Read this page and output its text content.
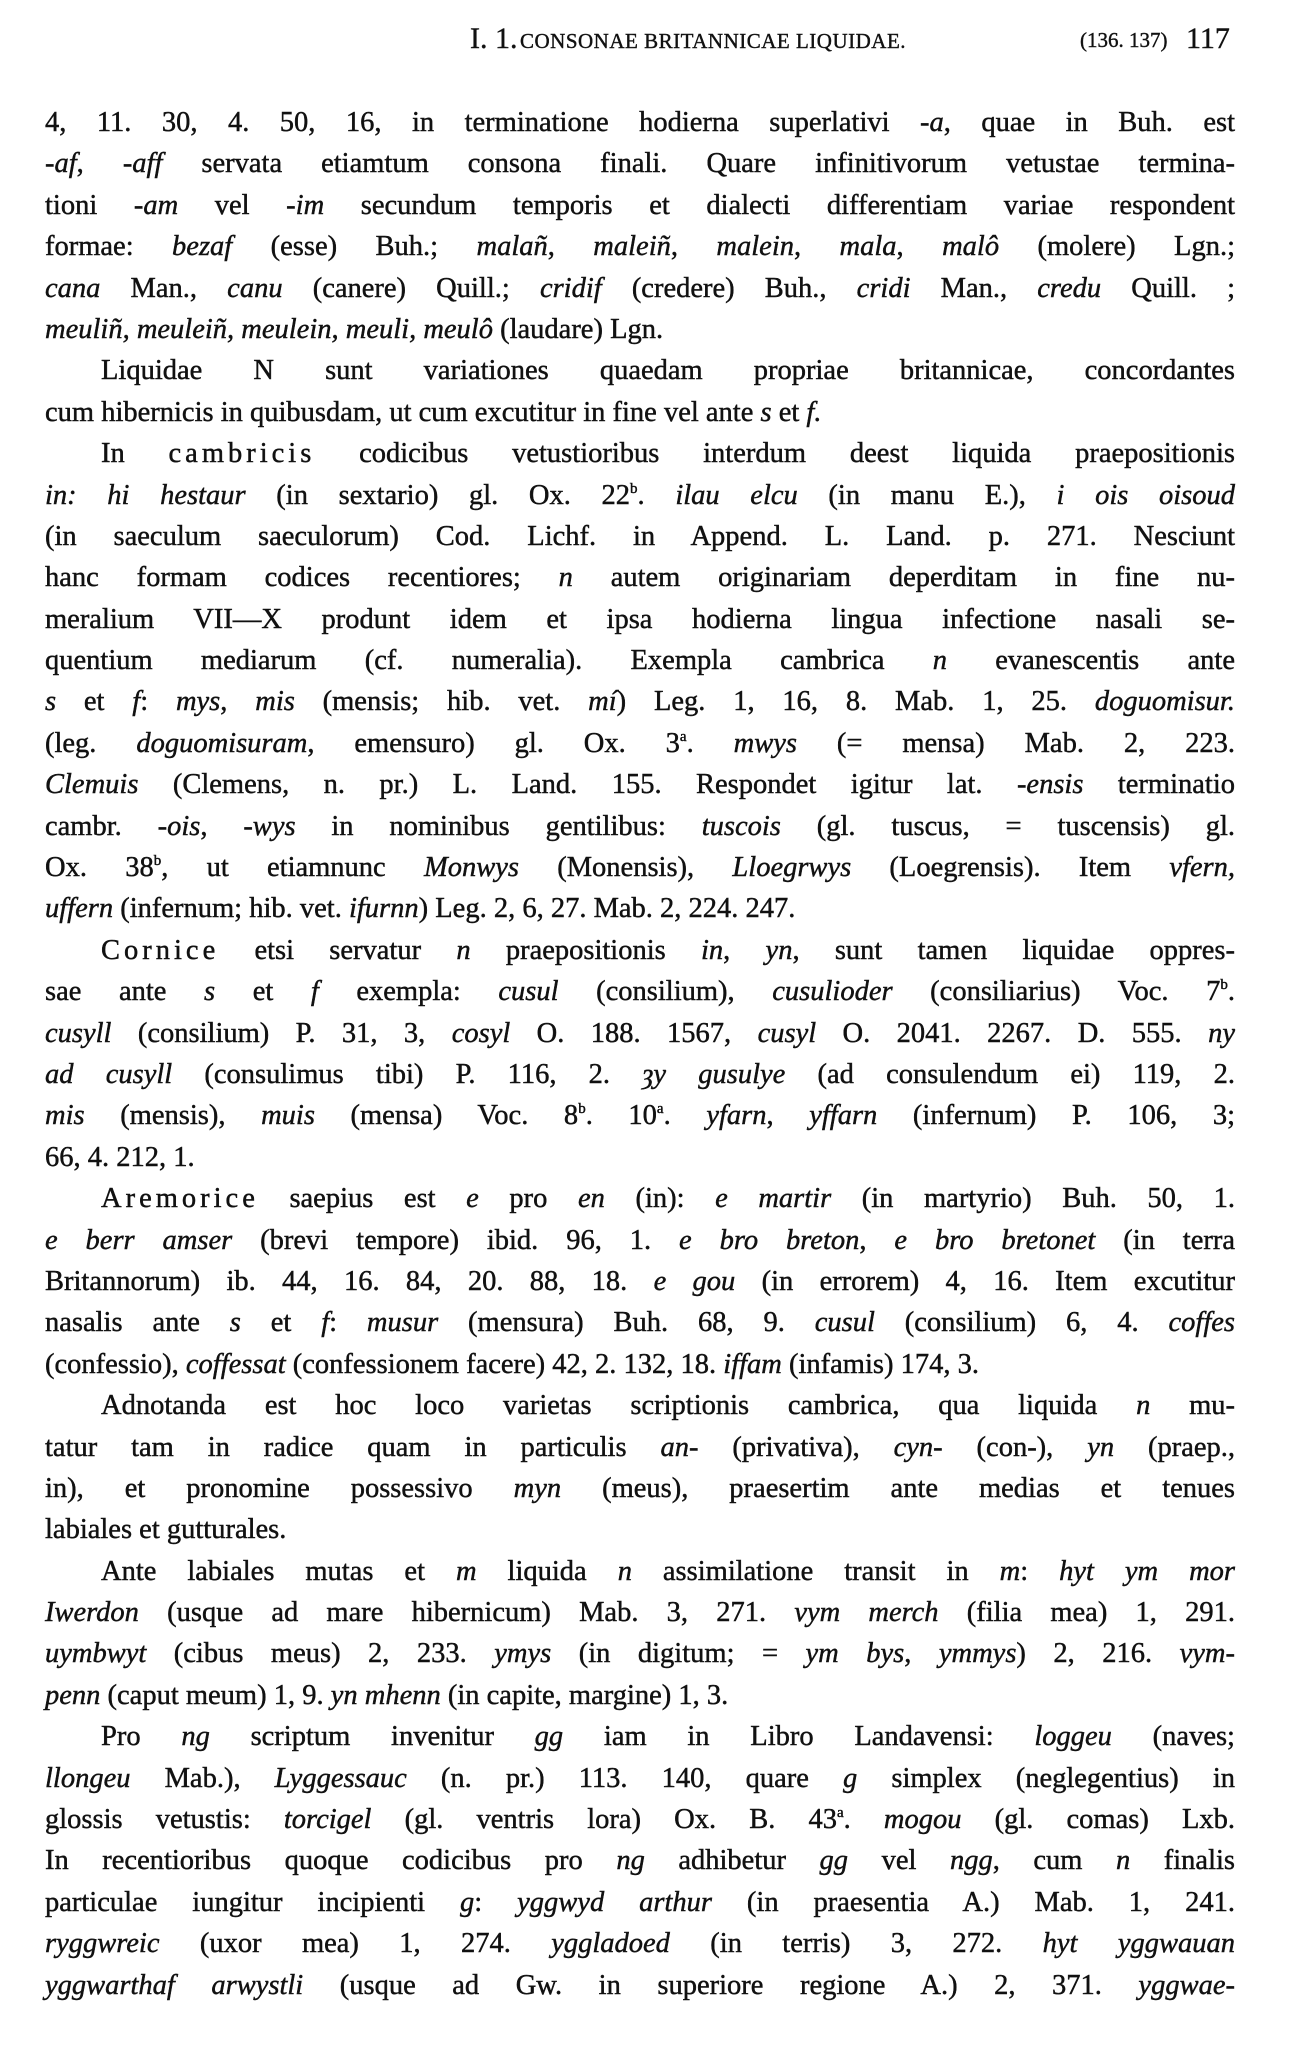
I. 1. CONSONAE BRITANNICAE LIQUIDAE.	(136. 137) 117
4, 11. 30, 4. 50, 16, in terminatione hodierna superlativi -a, quae in Buh. est
-af, -aff servata etiamtum consona finali. Quare infinitivorum vetustae termina-
tioni -am vel -im secundum temporis et dialecti differentiam variae respondent
formae: bezaf (esse) Buh.; malañ, maleiñ, malein, mala, malô (molere) Lgn.;
cana Man., canu (canere) Quill.; cridif (credere) Buh., cridi Man., credu Quill. ;
meuliñ, meuleiñ, meulein, meuli, meulô (laudare) Lgn.
Liquidae N sunt variationes quaedam propriae britannicae, concordantes
cum hibernicis in quibusdam, ut cum excutitur in fine vel ante s et f.
In cambricis codicibus vetustioribus interdum deest liquida praepositionis
in: hi hestaur (in sextario) gl. Ox. 22$^b$. ilau elcu (in manu E.), i ois oisoud
(in saeculum saeculorum) Cod. Lichf. in Append. L. Land. p. 271. Nesciunt
hanc formam codices recentiores; n autem originariam deperditam in fine nu-
meralium VII—X produnt idem et ipsa hodierna lingua infectione nasali se-
quentium mediarum (cf. numeralia). Exempla cambrica n evanescentis ante
s et f: mys, mis (mensis; hib. vet. mí) Leg. 1, 16, 8. Mab. 1, 25. doguomisur.
(leg. doguomisuram, emensuro) gl. Ox. 3$^a$. mwys (= mensa) Mab. 2, 223.
Clemuis (Clemens, n. pr.) L. Land. 155. Respondet igitur lat. -ensis terminatio
cambr. -ois, -wys in nominibus gentilibus: tuscois (gl. tuscus, = tuscensis) gl.
Ox. 38$^b$, ut etiamnunc Monwys (Monensis), Lloegrwys (Loegrensis). Item vfern,
uffern (infernum; hib. vet. ifurnn) Leg. 2, 6, 27. Mab. 2, 224. 247.
Cornice etsi servatur n praepositionis in, yn, sunt tamen liquidae oppres-
sae ante s et f exempla: cusul (consilium), cusulioder (consiliarius) Voc. 7$^b$.
cusyll (consilium) P. 31, 3, cosyl O. 188. 1567, cusyl O. 2041. 2267. D. 555. ny
ad cusyll (consulimus tibi) P. 116, 2. ȝy gusulye (ad consulendum ei) 119, 2.
mis (mensis), muis (mensa) Voc. 8$^b$. 10$^a$. yfarn, yffarn (infernum) P. 106, 3;
66, 4. 212, 1.
Aremorice saepius est e pro en (in): e martir (in martyrio) Buh. 50, 1.
e berr amser (brevi tempore) ibid. 96, 1. e bro breton, e bro bretonet (in terra
Britannorum) ib. 44, 16. 84, 20. 88, 18. e gou (in errorem) 4, 16. Item excutitur
nasalis ante s et f: musur (mensura) Buh. 68, 9. cusul (consilium) 6, 4. coffes
(confessio), coffessat (confessionem facere) 42, 2. 132, 18. iffam (infamis) 174, 3.
Adnotanda est hoc loco varietas scriptionis cambrica, qua liquida n mu-
tatur tam in radice quam in particulis an- (privativa), cyn- (con-), yn (praep.,
in), et pronomine possessivo myn (meus), praesertim ante medias et tenues
labiales et gutturales.
Ante labiales mutas et m liquida n assimilatione transit in m: hyt ym mor
Iwerdon (usque ad mare hibernicum) Mab. 3, 271. vym merch (filia mea) 1, 291.
uymbwyt (cibus meus) 2, 233. ymys (in digitum; = ym bys, ymmys) 2, 216. vym-
penn (caput meum) 1, 9. yn mhenn (in capite, margine) 1, 3.
Pro ng scriptum invenitur gg iam in Libro Landavensi: loggeu (naves;
llongeu Mab.), Lyggessauc (n. pr.) 113. 140, quare g simplex (neglegentius) in
glossis vetustis: torcigel (gl. ventris lora) Ox. B. 43$^a$. mogou (gl. comas) Lxb.
In recentioribus quoque codicibus pro ng adhibetur gg vel ngg, cum n finalis
particulae iungitur incipienti g: yggwyd arthur (in praesentia A.) Mab. 1, 241.
ryggwreic (uxor mea) 1, 274. yggladoed (in terris) 3, 272. hyt yggwauan
yggwarthaf arwystli (usque ad Gw. in superiore regione A.) 2, 371. yggwae-
